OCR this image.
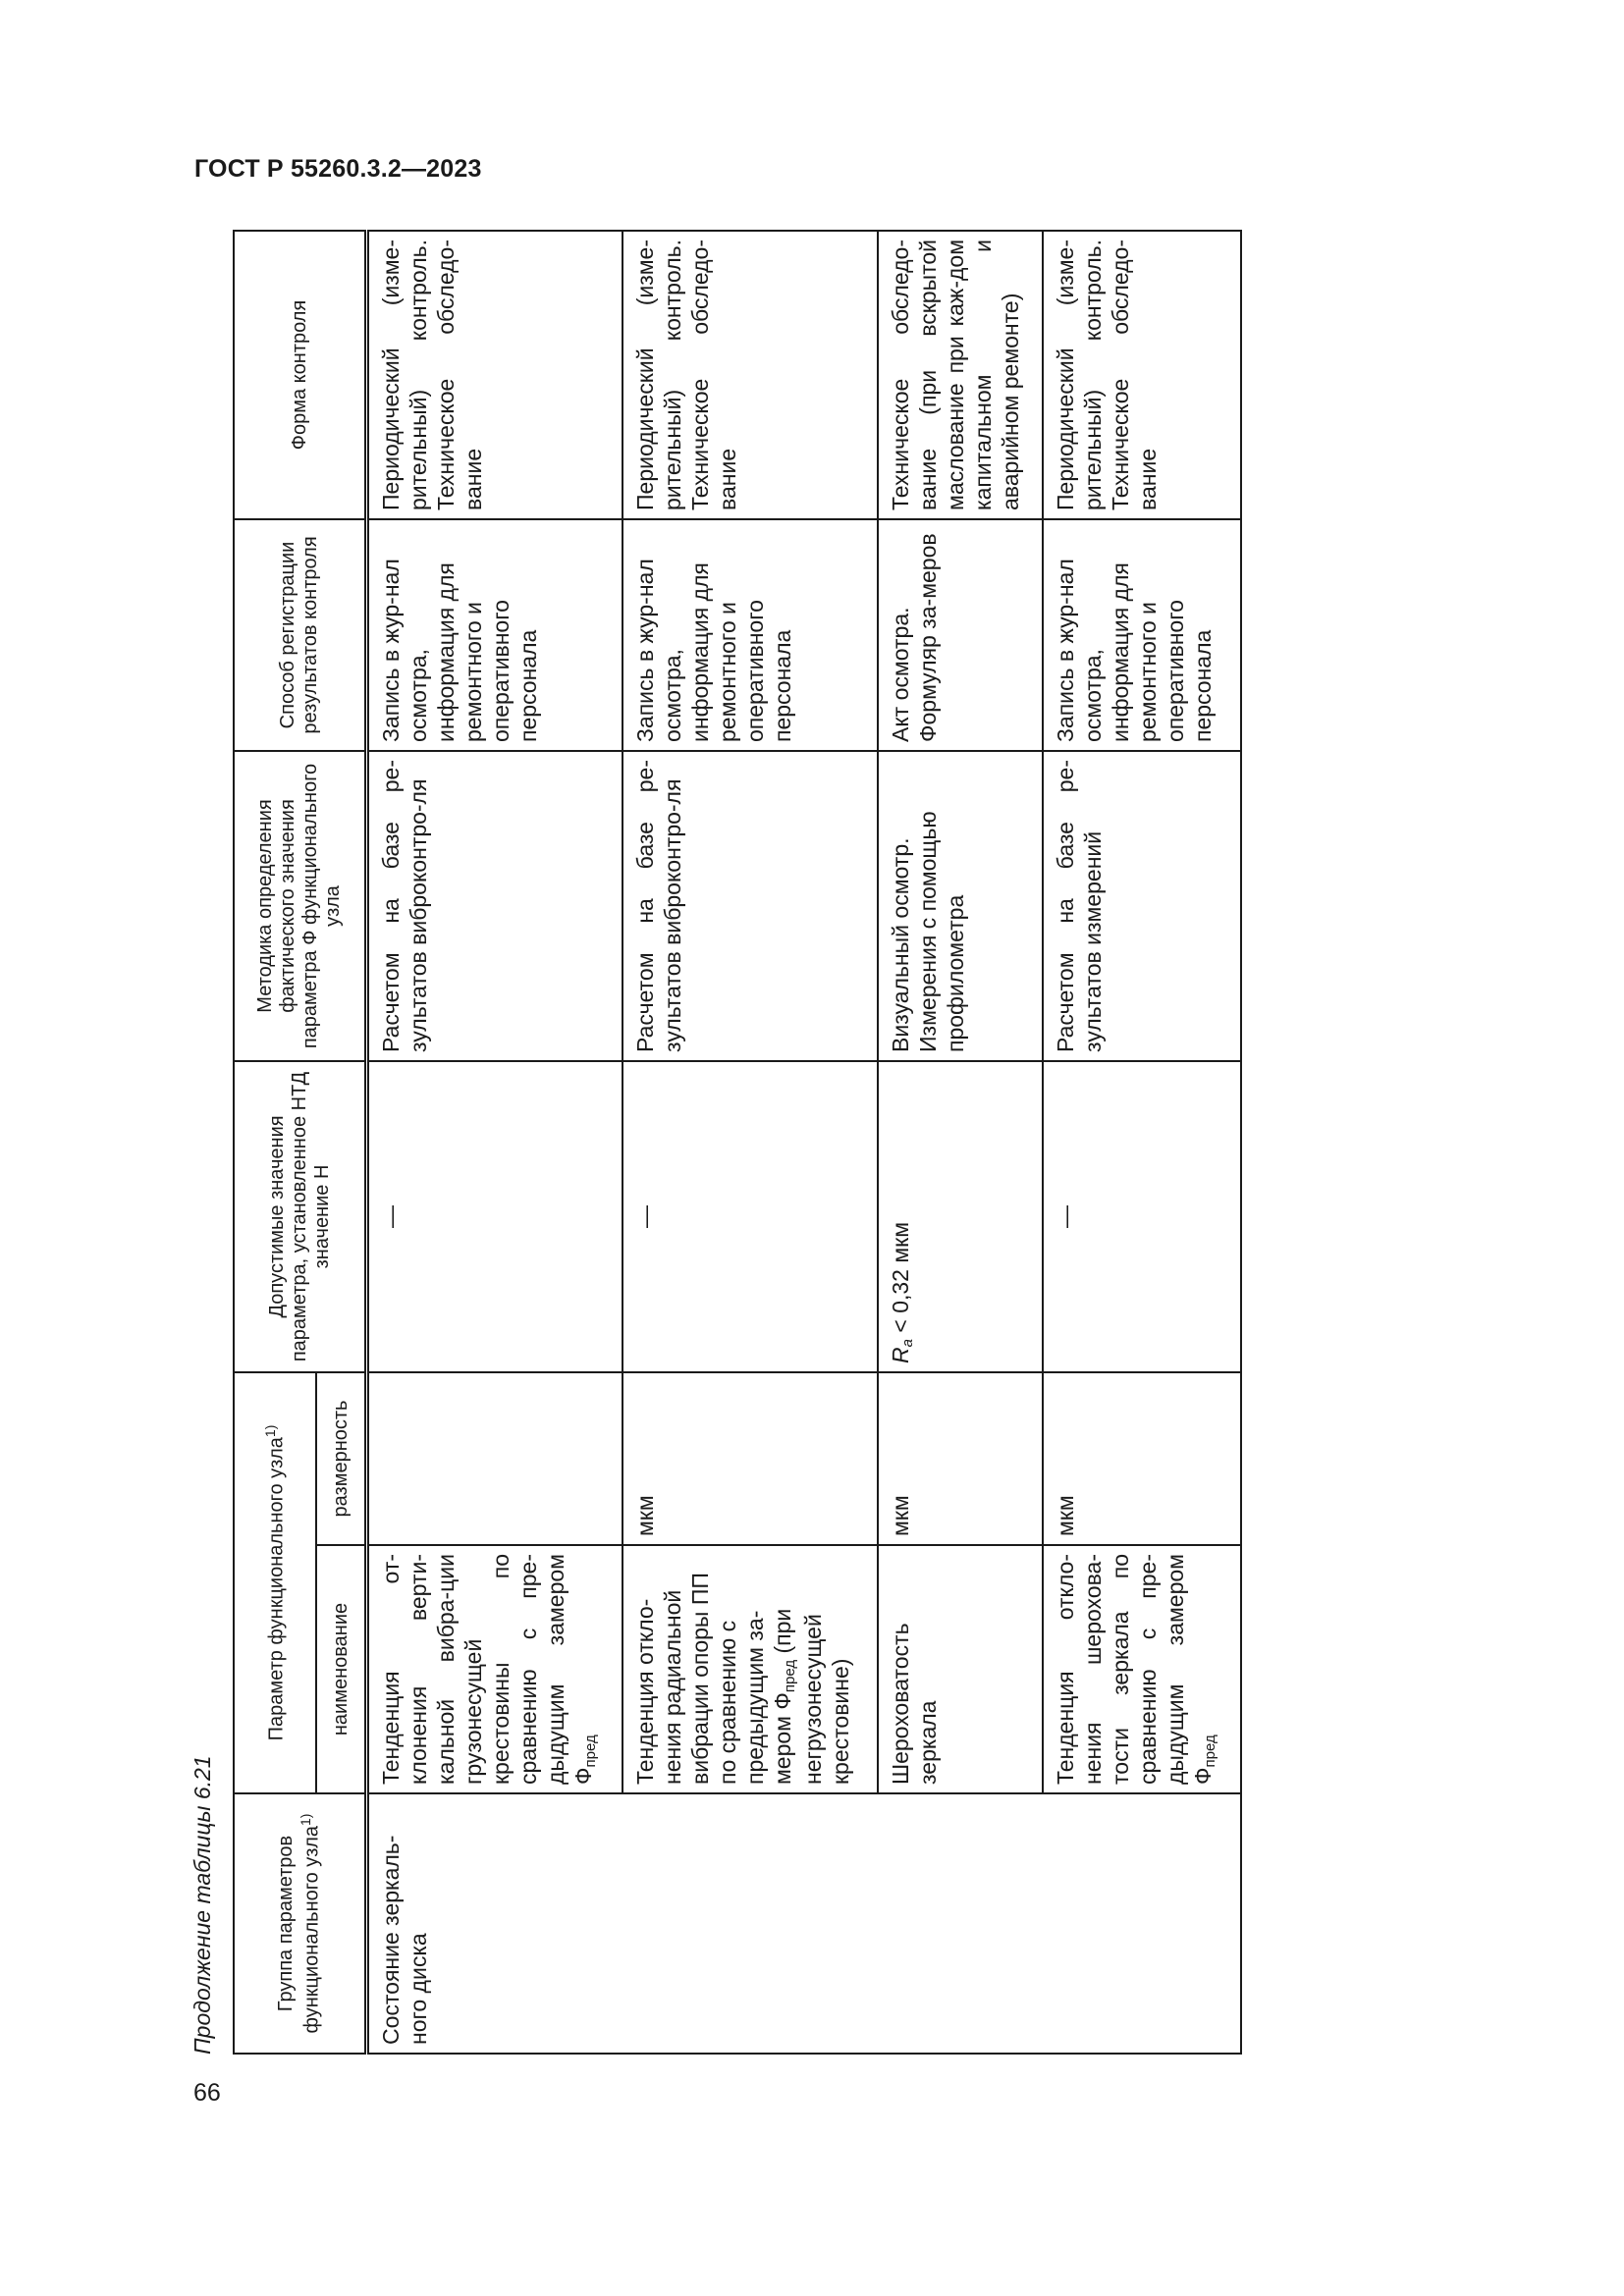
ГОСТ Р 55260.3.2—2023
Продолжение таблицы 6.21	Группа параметров функционального узла$^{1)}$	Параметр функционального узла$^{1)}$		Допустимые значения параметра, установленное НТД значение Н	Методика определения фактического значения параметра Ф функционального узла	Способ регистрации результатов контроля	Форма контроля
	наименование	размерность				
Состояние зеркаль-ного диска	Тенденция от-клонения верти-кальной вибра-ции грузонесущей крестовины по сравнению с пре-дыдущим замером $Ф_{пред}$		—	Расчетом на базе ре-зультатов виброконтро-ля	Запись в жур-нал осмотра, информация для ремонтного и оперативного персонала	Периодический (изме-рительный) контроль. Техническое обследо-вание
	Тенденция откло-нения радиальной вибрации опоры ПП по сравнению с предыдущим за-мером $Ф_{пред}$ (при негрузонесущей крестовине)	мкм	—	Расчетом на базе ре-зультатов виброконтро-ля	Запись в жур-нал осмотра, информация для ремонтного и оперативного персонала	Периодический (изме-рительный) контроль. Техническое обследо-вание
	Шероховатость зеркала	мкм	$R_a < 0,32$ мкм	Визуальный осмотр. Измерения с помощью профилометра	Акт осмотра. Формуляр за-меров	Техническое обследо-вание (при вскрытой маслование при каж-дом капитальном и аварийном ремонте)
	Тенденция откло-нения шерохова-тости зеркала по сравнению с пре-дыдущим замером $Ф_{пред}$	мкм	—	Расчетом на базе ре-зультатов измерений	Запись в жур-нал осмотра, информация для ремонтного и оперативного персонала	Периодический (изме-рительный) контроль. Техническое обследо-вание
66
